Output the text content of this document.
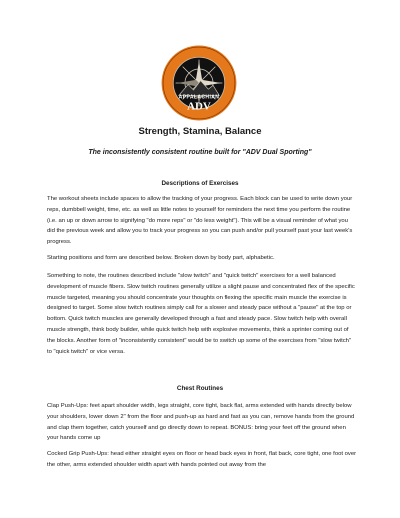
APPALACHIAN
ADV
Strength, Stamina, Balance
The inconsistently consistent routine built for "ADV Dual Sporting"
Descriptions of Exercises

The workout sheets include spaces to allow the tracking of your progress. Each block can be used to write down your reps, dumbbell weight, time, etc. as well as little notes to yourself for reminders the next time you perform the routine (i.e. an up or down arrow to signifying "do more reps" or "do less weight"). This will be a visual reminder of what you did the previous week and allow you to track your progress so you can push and/or pull yourself past your last week's progress.

Starting positions and form are described below. Broken down by body part, alphabetic.

Something to note, the routines described include "slow twitch" and "quick twitch" exercises for a well balanced development of muscle fibers. Slow twitch routines generally utilize a slight pause and concentrated flex of the specific muscle targeted, meaning you should concentrate your thoughts on flexing the specific main muscle the exercise is designed to target. Some slow twitch routines simply call for a slower and steady pace without a "pause" at the top or bottom. Quick twitch muscles are generally developed through a fast and steady pace. Slow twitch help with overall muscle strength, think body builder, while quick twitch help with explosive movements, think a sprinter coming out of the blocks. Another form of "inconsistently consistent" would be to switch up some of the exercises from "slow twitch" to "quick twitch" or vice versa.

Chest Routines

Clap Push-Ups: feet apart shoulder width, legs straight, core tight, back flat, arms extended with hands directly below your shoulders, lower down 2" from the floor and push-up as hard and fast as you can, remove hands from the ground and clap them together, catch yourself and go directly down to repeat. BONUS: bring your feet off the ground when your hands come up

Cocked Grip Push-Ups: head either straight eyes on floor or head back eyes in front, flat back, core tight, one foot over the other, arms extended shoulder width apart with hands pointed out away from the
